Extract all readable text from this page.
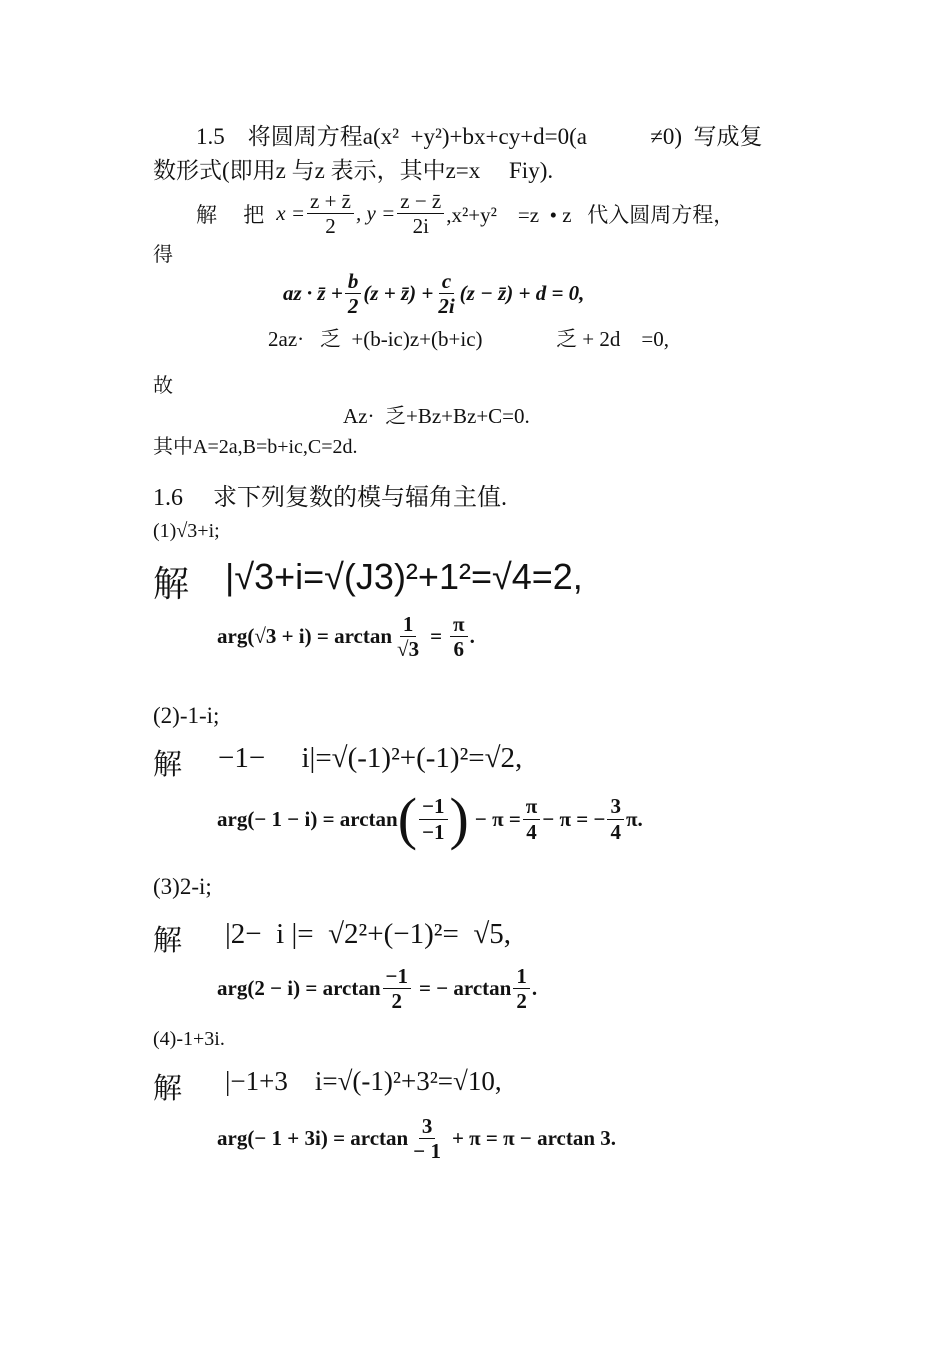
1.5    将圆周方程a(x²  +y²)+bx+cy+d=0(a           ≠0)  写成复
数形式(即用z 与z 表示，其中z=x     Fiy).
解     把 $x = \frac{z + z̄}{2}$ , $y = \frac{z - z̄}{2i} ,x^2+y^2$    =z  • z   代入圆周方程，
得
az · z̄ + $\frac{b}{2} (z$ + z̄) + $\frac{c}{2i} (z$ − z̄) + d = 0,
2az·   乏  +(b-ic)z+(b+ic)              乏 + 2d    =0,
故
Az·  乏+Bz+Bz+C=0.
其中A=2a,B=b+ic,C=2d.
1.6     求下列复数的模与辐角主值.
(1)√3+i;
解 |√3+i=√(J3)²+1²=√4=2,
$arg(√3 + i) = \arctan \frac{1}{√3} = \frac{\pi}{6}$ .
(2)-1-i;
解 −1−     i|=√(-1)²+(-1)²=√2,
arg(− 1 − i) = arctan ( $\frac{-1}{-1}$ ) − $\pi = \frac{\pi}{4} - \pi$ = − $\frac{3}{4} \pi$.
(3)2-i;
解 |2−  i |=  √2²+(−1)²=  √5,
$arg(2 - i) = \arctan \frac{-1}{2}$ = − $\arctan \frac{1}{2}$ .
(4)-1+3i.
解 |−1+3    i=√(-1)²+3²=√10,
$arg(- 1 + 3i) = \arctan \frac{3}{- 1} + \pi = \pi - \arctan 3$.
